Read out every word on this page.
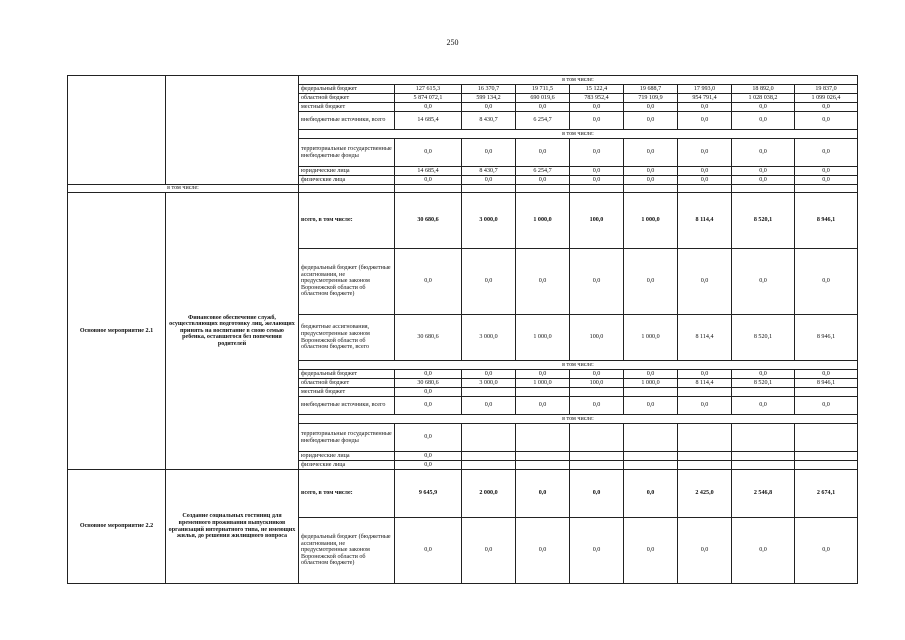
250
		в том числе:								
		федеральный бюджет	127 615,3	16 370,7	19 711,5	15 122,4	19 688,7	17 993,0	18 892,0	19 837,0
		областной бюджет	5 874 072,1	599 134,2	690 019,6	783 952,4	719 109,9	954 791,4	1 028 038,2	1 099 026,4
		местный бюджет	0,0	0,0	0,0	0,0	0,0	0,0	0,0	0,0
		внебюджетные источники, всего	14 685,4	8 430,7	6 254,7	0,0	0,0	0,0	0,0	0,0
		в том числе:								
		территориальные государственные внебюджетные фонды	0,0	0,0	0,0	0,0	0,0	0,0	0,0	0,0
		юридические лица	14 685,4	8 430,7	6 254,7	0,0	0,0	0,0	0,0	0,0
		физические лица	0,0	0,0	0,0	0,0	0,0	0,0	0,0	0,0
в том числе:										
Основное мероприятие 2.1	Финансовое обеспечение служб, осуществляющих подготовку лиц, желающих принять на воспитание в свою семью ребенка, оставшегося без попечения родителей	всего, в том числе:	30 680,6	3 000,0	1 000,0	100,0	1 000,0	8 114,4	8 520,1	8 946,1
		федеральный бюджет (бюджетные ассигнования, не предусмотренные законом Воронежской области об областном бюджете)	0,0	0,0	0,0	0,0	0,0	0,0	0,0	0,0
		бюджетные ассигнования, предусмотренные законом Воронежской области об областном бюджете, всего	30 680,6	3 000,0	1 000,0	100,0	1 000,0	8 114,4	8 520,1	8 946,1
		в том числе:								
		федеральный бюджет	0,0	0,0	0,0	0,0	0,0	0,0	0,0	0,0
		областной бюджет	30 680,6	3 000,0	1 000,0	100,0	1 000,0	8 114,4	8 520,1	8 946,1
		местный бюджет	0,0							
		внебюджетные источники, всего	0,0	0,0	0,0	0,0	0,0	0,0	0,0	0,0
		в том числе:								
		территориальные государственные внебюджетные фонды	0,0							
		юридические лица	0,0							
		физические лица	0,0							
Основное мероприятие 2.2	Создание социальных гостиниц для временного проживания выпускников организаций интернатного типа, не имеющих жилья, до решения жилищного вопроса	всего, в том числе:	9 645,9	2 000,0	0,0	0,0	0,0	2 425,0	2 546,8	2 674,1
		федеральный бюджет (бюджетные ассигнования, не предусмотренные законом Воронежской области об областном бюджете)	0,0	0,0	0,0	0,0	0,0	0,0	0,0	0,0
